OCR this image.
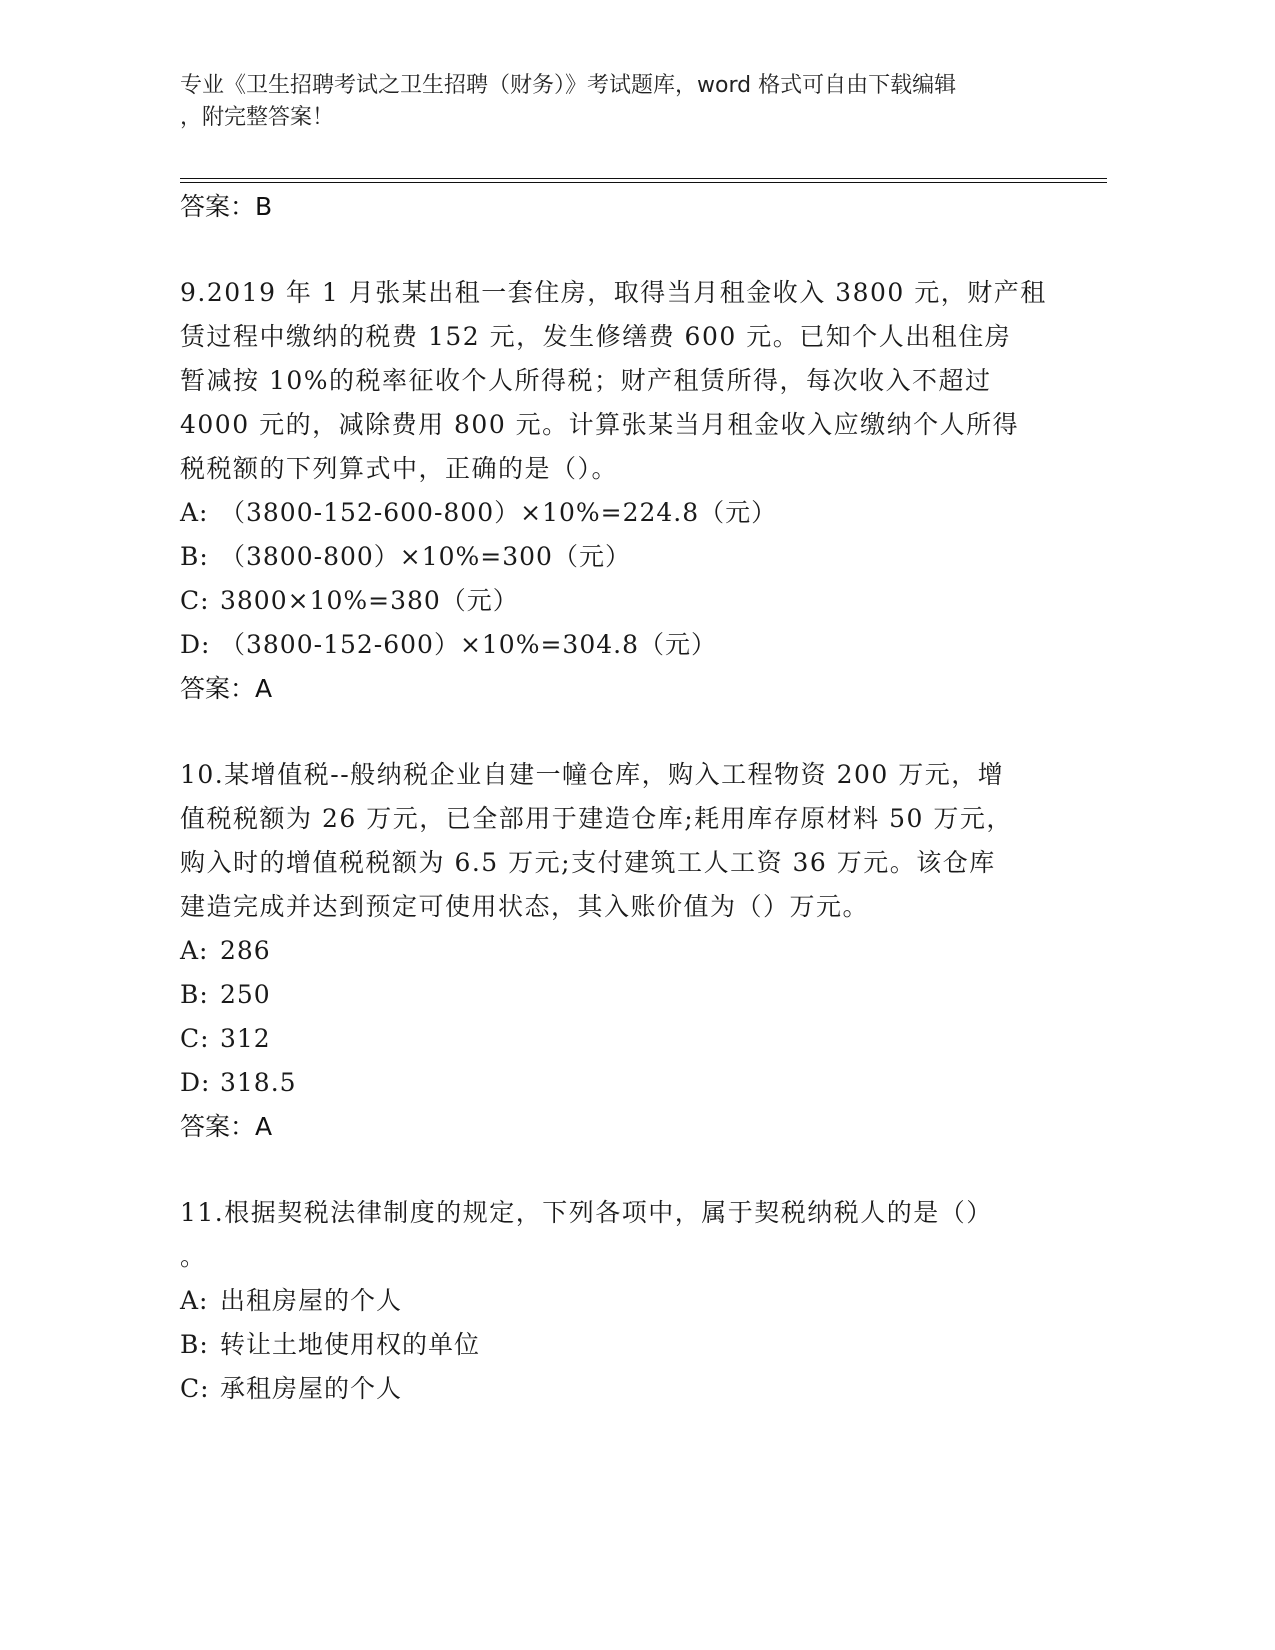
专业《卫生招聘考试之卫生招聘（财务）》考试题库，word 格式可自由下载编辑
，附完整答案！
答案：B
9.2019 年 1 月张某出租一套住房，取得当月租金收入 3800 元，财产租
赁过程中缴纳的税费 152 元，发生修缮费 600 元。已知个人出租住房
暂减按 10%的税率征收个人所得税；财产租赁所得，每次收入不超过
4000 元的，减除费用 800 元。计算张某当月租金收入应缴纳个人所得
税税额的下列算式中，正确的是（）。
A: （3800-152-600-800）×10%=224.8（元）
B: （3800-800）×10%=300（元）
C: 3800×10%=380（元）
D: （3800-152-600）×10%=304.8（元）
答案：A
10.某增值税--般纳税企业自建一幢仓库，购入工程物资 200 万元，增
值税税额为 26 万元，已全部用于建造仓库;耗用库存原材料 50 万元，
购入时的增值税税额为 6.5 万元;支付建筑工人工资 36 万元。该仓库
建造完成并达到预定可使用状态，其入账价值为（）万元。
A: 286
B: 250
C: 312
D: 318.5
答案：A
11.根据契税法律制度的规定，下列各项中，属于契税纳税人的是（）
。
A: 出租房屋的个人
B: 转让土地使用权的单位
C: 承租房屋的个人
